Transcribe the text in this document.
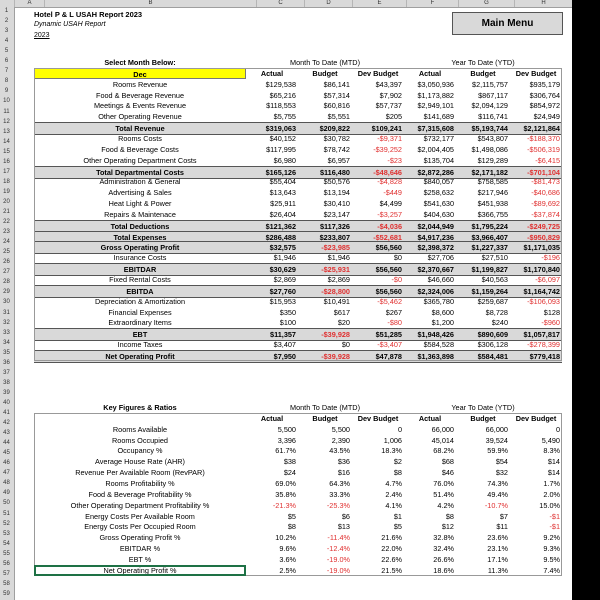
A	B	C	D	E	F	G	H
1
2
3
4
5
6
7
8
9
10
11
12
13
14
15
16
17
18
19
20
21
22
23
24
25
26
27
28
29
30
31
32
33
34
35
36
37
38
39
40
41
42
43
44
45
46
47
48
49
50
51
52
53
54
55
56
57
58
59
Hotel P & L USAH Report 2023
Dynamic USAH Report
2023
Main Menu
Select Month Below:	Month To Date (MTD)	Year To Date (YTD)
Dec	Actual	Budget	Dev Budget	Actual	Budget	Dev Budget
Rooms Revenue	$129,538	$86,141	$43,397	$3,050,936	$2,115,757	$935,179
Food & Beverage Revenue	$65,216	$57,314	$7,902	$1,173,882	$867,117	$306,764
Meetings & Events Revenue	$118,553	$60,816	$57,737	$2,949,101	$2,094,129	$854,972
Other Operating Revenue	$5,755	$5,551	$205	$141,689	$116,741	$24,949
Total Revenue	$319,063	$209,822	$109,241	$7,315,608	$5,193,744	$2,121,864
Rooms Costs	$40,152	$30,782	-$9,371	$732,177	$543,807	-$188,370
Food & Beverage Costs	$117,995	$78,742	-$39,252	$2,004,405	$1,498,086	-$506,319
Other Operating Department Costs	$6,980	$6,957	-$23	$135,704	$129,289	-$6,415
Total Departmental Costs	$165,126	$116,480	-$48,646	$2,872,286	$2,171,182	-$701,104
Administration & General	$55,404	$50,576	-$4,828	$840,057	$758,585	-$81,473
Advertising & Sales	$13,643	$13,194	-$449	$258,632	$217,946	-$40,686
Heat Light & Power	$25,911	$30,410	$4,499	$541,630	$451,938	-$89,692
Repairs & Maintenace	$26,404	$23,147	-$3,257	$404,630	$366,755	-$37,874
Total Deductions	$121,362	$117,326	-$4,036	$2,044,949	$1,795,224	-$249,725
Total Expenses	$286,488	$233,807	-$52,681	$4,917,236	$3,966,407	-$950,829
Gross Operating Profit	$32,575	-$23,985	$56,560	$2,398,372	$1,227,337	$1,171,035
Insurance Costs	$1,946	$1,946	$0	$27,706	$27,510	-$196
EBITDAR	$30,629	-$25,931	$56,560	$2,370,667	$1,199,827	$1,170,840
Fixed Rental Costs	$2,869	$2,869	-$0	$46,660	$40,563	-$6,097
EBITDA	$27,760	-$28,800	$56,560	$2,324,006	$1,159,264	$1,164,742
Depreciation & Amortization	$15,953	$10,491	-$5,462	$365,780	$259,687	-$106,093
Financial Expenses	$350	$617	$267	$8,600	$8,728	$128
Extraordinary Items	$100	$20	-$80	$1,200	$240	-$960
EBT	$11,357	-$39,928	$51,285	$1,948,426	$890,609	$1,057,817
Income Taxes	$3,407	$0	-$3,407	$584,528	$306,128	-$278,399
Net Operating Profit	$7,950	-$39,928	$47,878	$1,363,898	$584,481	$779,418
Key Figures & Ratios	Month To Date (MTD)	Year To Date (YTD)
Actual	Budget	Dev Budget	Actual	Budget	Dev Budget
Rooms Available	5,500	5,500	0	66,000	66,000	0
Rooms Occupied	3,396	2,390	1,006	45,014	39,524	5,490
Occupancy %	61.7%	43.5%	18.3%	68.2%	59.9%	8.3%
Average House Rate (AHR)	$38	$36	$2	$68	$54	$14
Revenue Per Available Room (RevPAR)	$24	$16	$8	$46	$32	$14
Rooms Profitability %	69.0%	64.3%	4.7%	76.0%	74.3%	1.7%
Food & Beverage Profitability %	35.8%	33.3%	2.4%	51.4%	49.4%	2.0%
Other Operating Department Profitability %	-21.3%	-25.3%	4.1%	4.2%	-10.7%	15.0%
Energy Costs Per Available Room	$5	$6	$1	$8	$7	-$1
Energy Costs Per Occupied Room	$8	$13	$5	$12	$11	-$1
Gross Operating Profit %	10.2%	-11.4%	21.6%	32.8%	23.6%	9.2%
EBITDAR %	9.6%	-12.4%	22.0%	32.4%	23.1%	9.3%
EBT %	3.6%	-19.0%	22.6%	26.6%	17.1%	9.5%
Net Operating Profit %	2.5%	-19.0%	21.5%	18.6%	11.3%	7.4%
